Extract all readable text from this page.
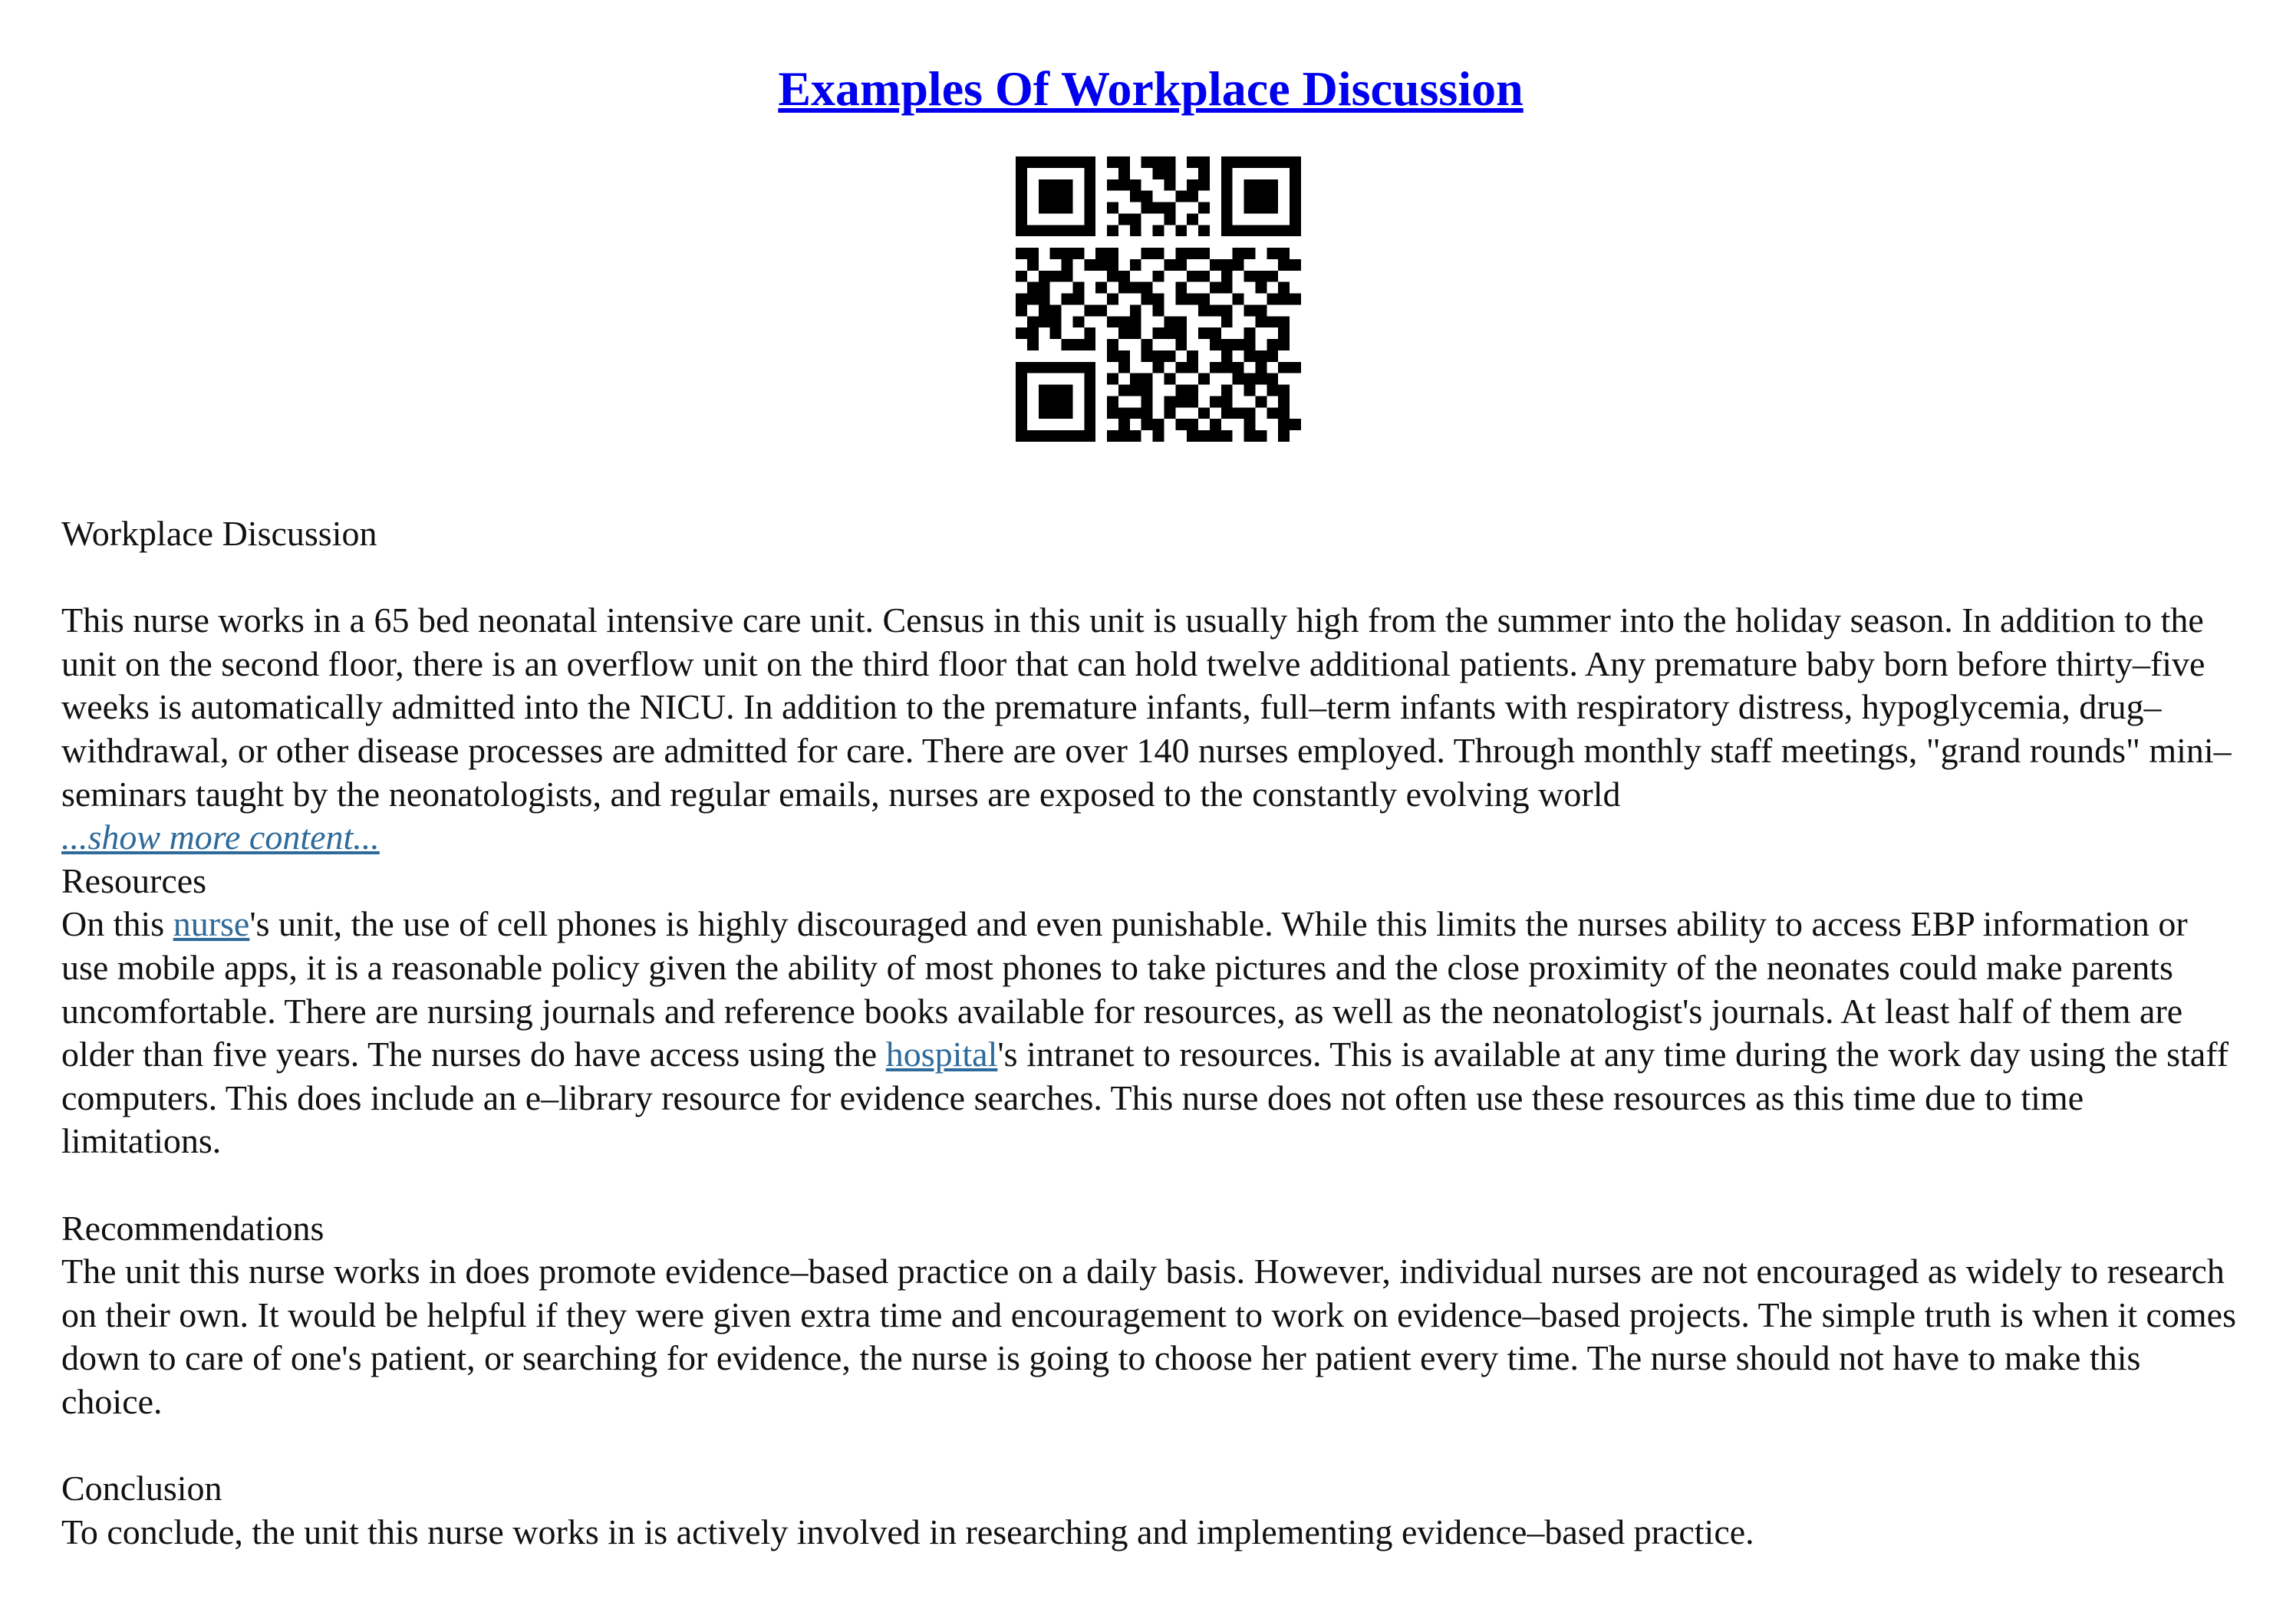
Examples Of Workplace Discussion

Workplace Discussion

This nurse works in a 65 bed neonatal intensive care unit. Census in this unit is usually high from the summer into the holiday season. In addition to the unit on the second floor, there is an overflow unit on the third floor that can hold twelve additional patients. Any premature baby born before thirty–five weeks is automatically admitted into the NICU. In addition to the premature infants, full–term infants with respiratory distress, hypoglycemia, drug–withdrawal, or other disease processes are admitted for care. There are over 140 nurses employed. Through monthly staff meetings, "grand rounds" mini–seminars taught by the neonatologists, and regular emails, nurses are exposed to the constantly evolving world

...show more content...

Resources

On this nurse's unit, the use of cell phones is highly discouraged and even punishable. While this limits the nurses ability to access EBP information or use mobile apps, it is a reasonable policy given the ability of most phones to take pictures and the close proximity of the neonates could make parents uncomfortable. There are nursing journals and reference books available for resources, as well as the neonatologist's journals. At least half of them are older than five years. The nurses do have access using the hospital's intranet to resources. This is available at any time during the work day using the staff computers. This does include an e–library resource for evidence searches. This nurse does not often use these resources as this time due to time limitations.

Recommendations

The unit this nurse works in does promote evidence–based practice on a daily basis. However, individual nurses are not encouraged as widely to research on their own. It would be helpful if they were given extra time and encouragement to work on evidence–based projects. The simple truth is when it comes down to care of one's patient, or searching for evidence, the nurse is going to choose her patient every time. The nurse should not have to make this choice.

Conclusion

To conclude, the unit this nurse works in is actively involved in researching and implementing evidence–based practice.
